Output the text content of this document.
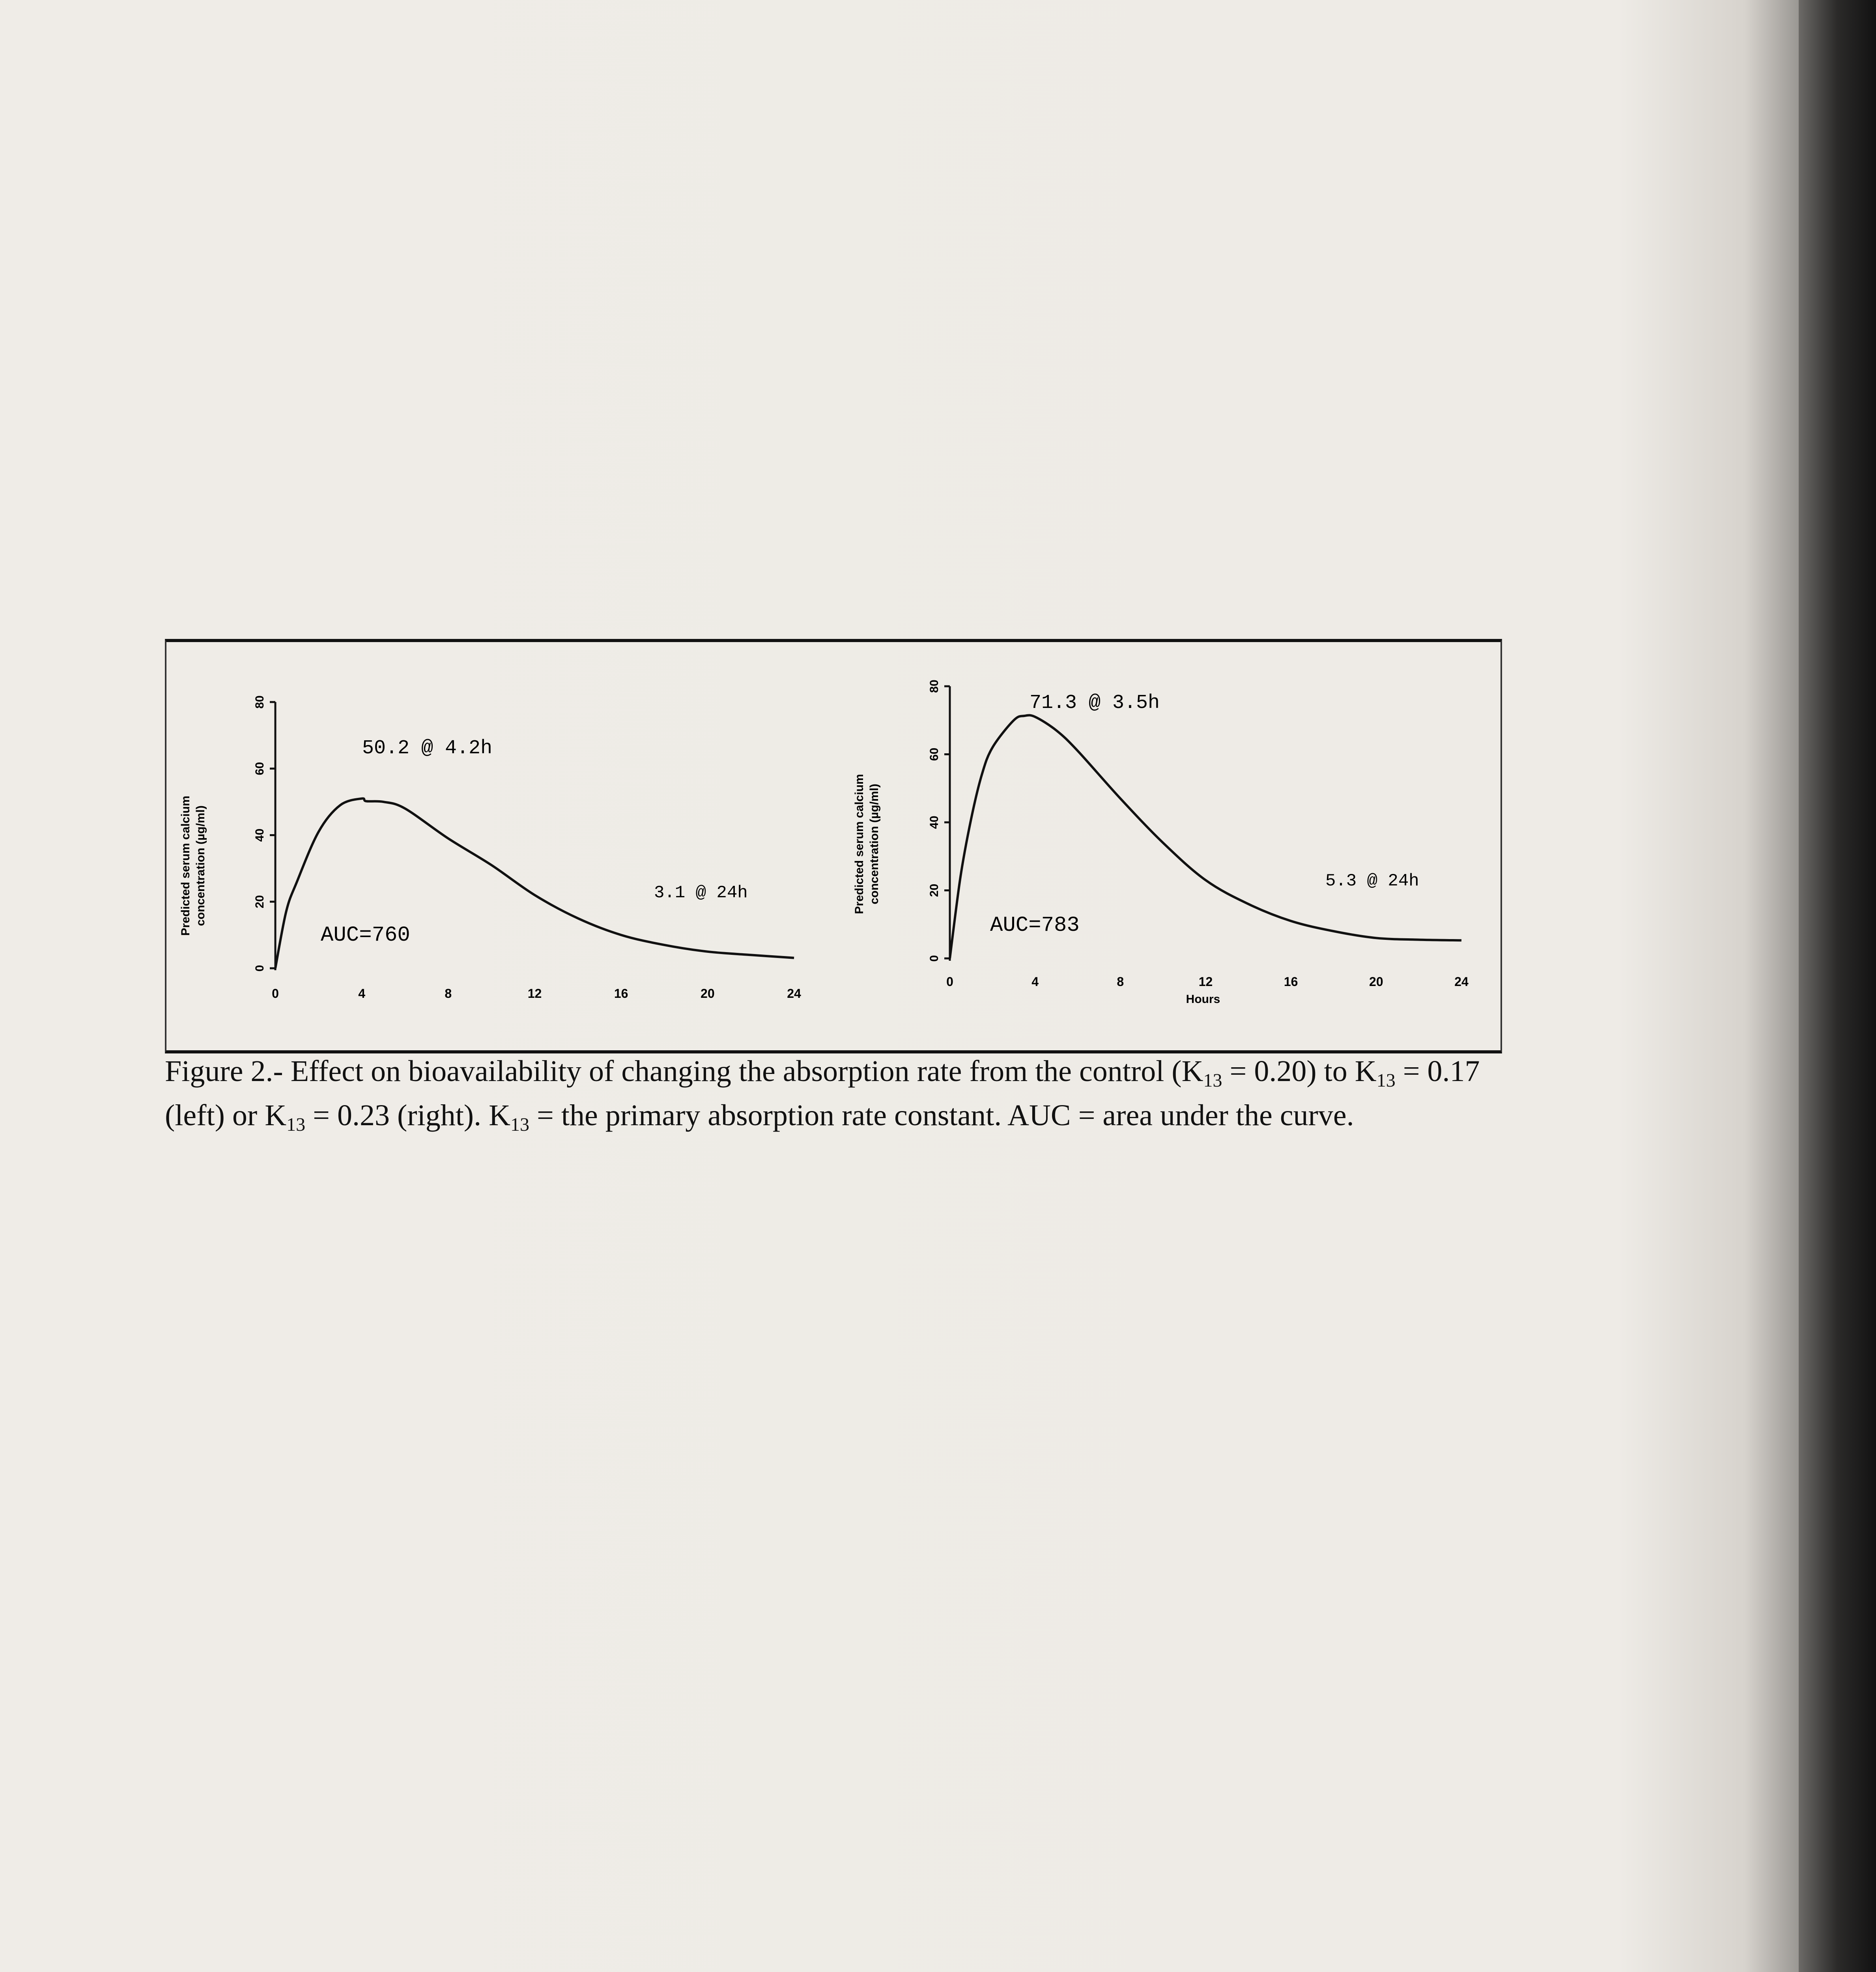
Predicted serum calcium concentration (µg/ml)
0
20
40
60
80
0	4	8	12	16	20	24
50.2 @ 4.2h
3.1 @ 24h
AUC=760
Predicted serum calcium concentration (µg/ml)
0
20
40
60
80
0	4	8	12	16	20	24
Hours
71.3 @ 3.5h
5.3 @ 24h
AUC=783
Figure 2.- Effect on bioavailability of changing the absorption rate from the control $(K_{13} = 0.20)$ to $K_{13} = 0.17$ (left) or $K_{13} = 0.23$ (right). $K_{13}$ = the primary absorption rate constant. AUC = area under the curve.
